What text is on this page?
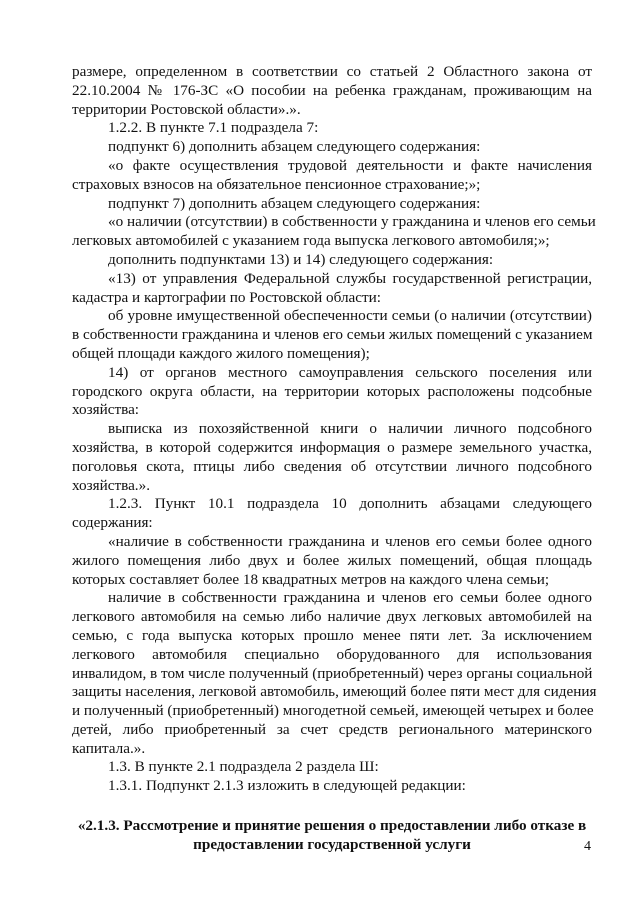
размере, определенном в соответствии со статьей 2 Областного закона от
22.10.2004 № 176-ЗС «О пособии на ребенка гражданам, проживающим на
территории Ростовской области».».
1.2.2. В пункте 7.1 подраздела 7:
подпункт 6) дополнить абзацем следующего содержания:
«о факте осуществления трудовой деятельности и факте начисления
страховых взносов на обязательное пенсионное страхование;»;
подпункт 7) дополнить абзацем следующего содержания:
«о наличии (отсутствии) в собственности у гражданина и членов его семьи
легковых автомобилей с указанием года выпуска легкового автомобиля;»;
дополнить подпунктами 13) и 14) следующего содержания:
«13) от управления Федеральной службы государственной регистрации,
кадастра и картографии по Ростовской области:
об уровне имущественной обеспеченности семьи (о наличии (отсутствии)
в собственности гражданина и членов его семьи жилых помещений с указанием
общей площади каждого жилого помещения);
14) от органов местного самоуправления сельского поселения или
городского округа области, на территории которых расположены подсобные
хозяйства:
выписка из похозяйственной книги о наличии личного подсобного
хозяйства, в которой содержится информация о размере земельного участка,
поголовья скота, птицы либо сведения об отсутствии личного подсобного
хозяйства.».
1.2.3. Пункт 10.1 подраздела 10 дополнить абзацами следующего
содержания:
«наличие в собственности гражданина и членов его семьи более одного
жилого помещения либо двух и более жилых помещений, общая площадь
которых составляет более 18 квадратных метров на каждого члена семьи;
наличие в собственности гражданина и членов его семьи более одного
легкового автомобиля на семью либо наличие двух легковых автомобилей на
семью, с года выпуска которых прошло менее пяти лет. За исключением
легкового автомобиля специально оборудованного для использования
инвалидом, в том числе полученный (приобретенный) через органы социальной
защиты населения, легковой автомобиль, имеющий более пяти мест для сидения
и полученный (приобретенный) многодетной семьей, имеющей четырех и более
детей, либо приобретенный за счет средств регионального материнского
капитала.».
1.3. В пункте 2.1 подраздела 2 раздела Ш:
1.3.1. Подпункт 2.1.3 изложить в следующей редакции:
«2.1.3. Рассмотрение и принятие решения о предоставлении либо отказе в
предоставлении государственной услуги	4
